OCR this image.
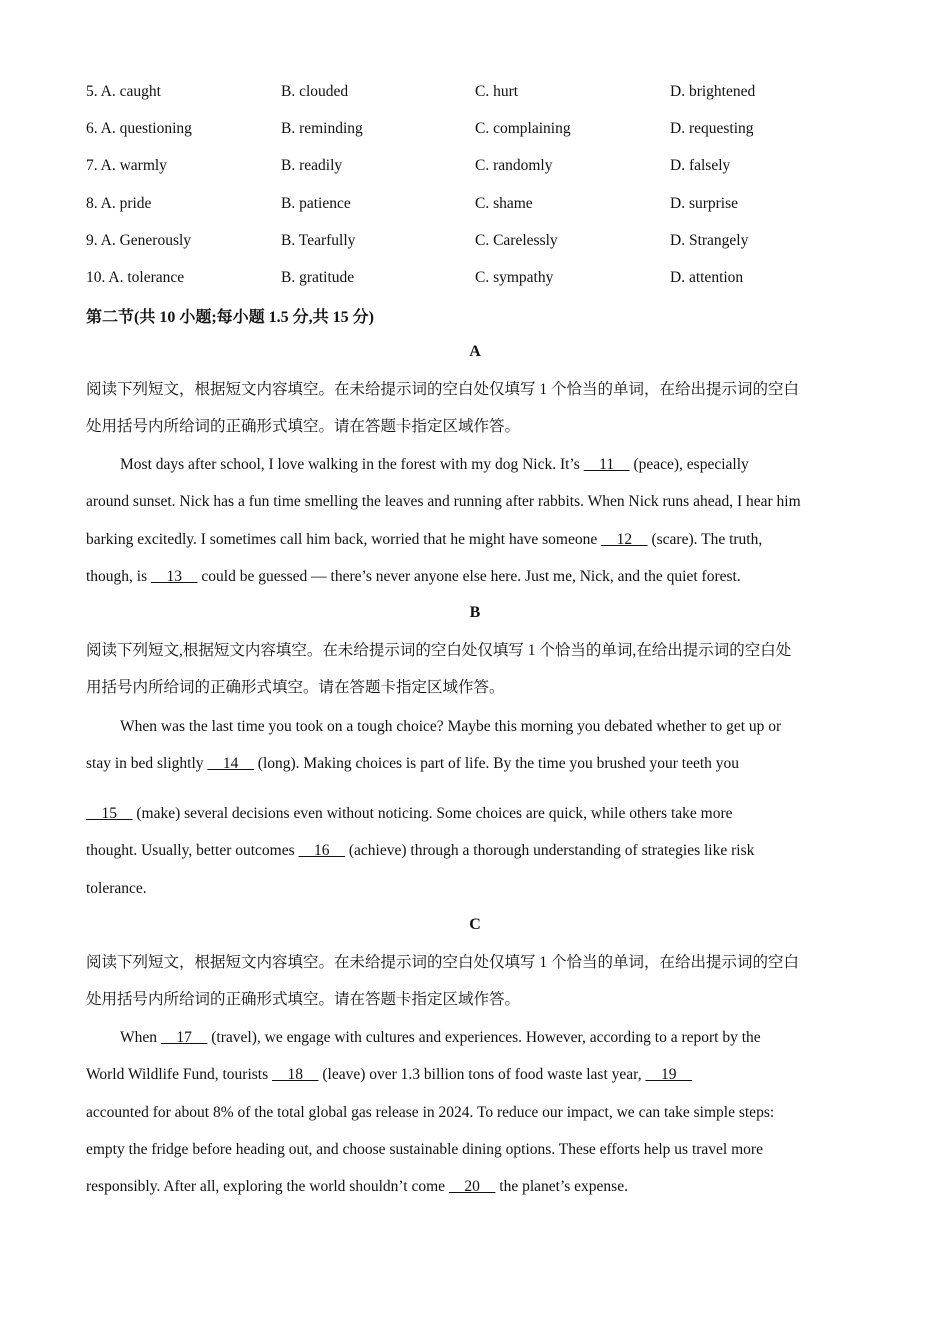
5. A. caught	B. clouded	C. hurt	D. brightened
6. A. questioning	B. reminding	C. complaining	D. requesting
7. A. warmly	B. readily	C. randomly	D. falsely
8. A. pride	B. patience	C. shame	D. surprise
9. A. Generously	B. Tearfully	C. Carelessly	D. Strangely
10. A. tolerance	B. gratitude	C. sympathy	D. attention
第二节(共 10 小题;每小题 1.5 分,共 15 分)
A
阅读下列短文，根据短文内容填空。在未给提示词的空白处仅填写 1 个恰当的单词，在给出提示词的空白
处用括号内所给词的正确形式填空。请在答题卡指定区域作答。
Most days after school, I love walking in the forest with my dog Nick. It’s     11     (peace), especially
around sunset. Nick has a fun time smelling the leaves and running after rabbits. When Nick runs ahead, I hear him
barking excitedly. I sometimes call him back, worried that he might have someone     12     (scare). The truth,
though, is     13     could be guessed — there’s never anyone else here. Just me, Nick, and the quiet forest.
B
阅读下列短文,根据短文内容填空。在未给提示词的空白处仅填写 1 个恰当的单词,在给出提示词的空白处
用括号内所给词的正确形式填空。请在答题卡指定区域作答。
When was the last time you took on a tough choice? Maybe this morning you debated whether to get up or
stay in bed slightly     14     (long). Making choices is part of life. By the time you brushed your teeth you
15     (make) several decisions even without noticing. Some choices are quick, while others take more
thought. Usually, better outcomes     16     (achieve) through a thorough understanding of strategies like risk
tolerance.
C
阅读下列短文，根据短文内容填空。在未给提示词的空白处仅填写 1 个恰当的单词，在给出提示词的空白
处用括号内所给词的正确形式填空。请在答题卡指定区域作答。
When     17     (travel), we engage with cultures and experiences. However, according to a report by the
World Wildlife Fund, tourists     18     (leave) over 1.3 billion tons of food waste last year,     19
accounted for about 8% of the total global gas release in 2024. To reduce our impact, we can take simple steps:
empty the fridge before heading out, and choose sustainable dining options. These efforts help us travel more
responsibly. After all, exploring the world shouldn’t come     20     the planet’s expense.
